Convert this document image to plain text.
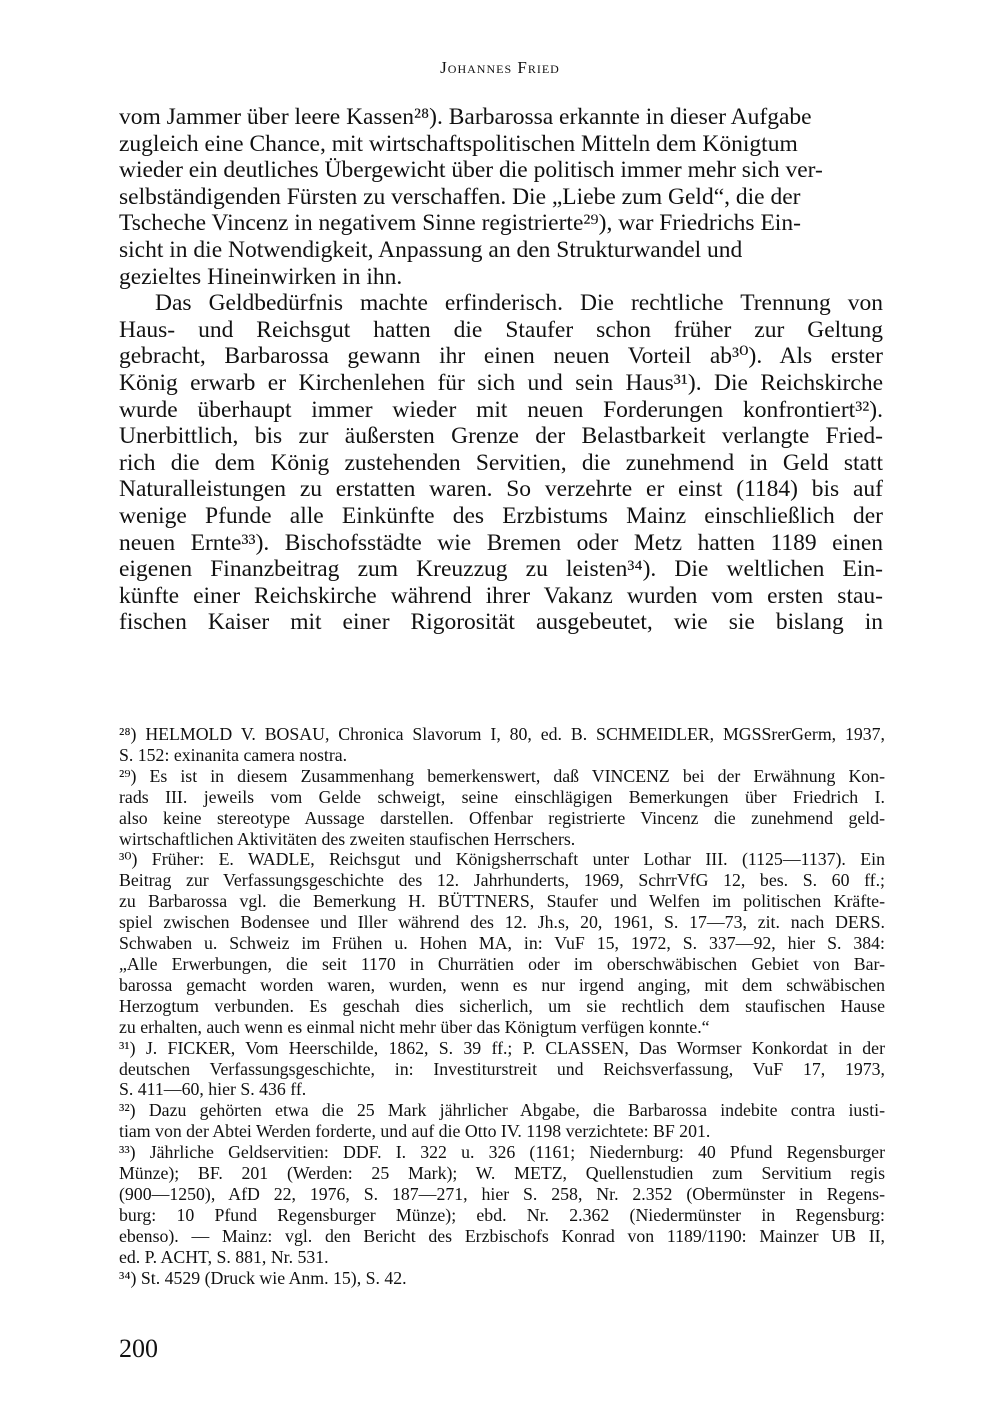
Johannes Fried

vom Jammer über leere Kassen²⁸). Barbarossa erkannte in dieser Aufgabe
zugleich eine Chance, mit wirtschaftspolitischen Mitteln dem Königtum
wieder ein deutliches Übergewicht über die politisch immer mehr sich ver-
selbständigenden Fürsten zu verschaffen. Die „Liebe zum Geld“, die der
Tscheche Vincenz in negativem Sinne registrierte²⁹), war Friedrichs Ein-
sicht in die Notwendigkeit, Anpassung an den Strukturwandel und
gezieltes Hineinwirken in ihn.

Das Geldbedürfnis machte erfinderisch. Die rechtliche Trennung von
Haus- und Reichsgut hatten die Staufer schon früher zur Geltung
gebracht, Barbarossa gewann ihr einen neuen Vorteil ab³⁰). Als erster
König erwarb er Kirchenlehen für sich und sein Haus³¹). Die Reichskirche
wurde überhaupt immer wieder mit neuen Forderungen konfrontiert³²).
Unerbittlich, bis zur äußersten Grenze der Belastbarkeit verlangte Fried-
rich die dem König zustehenden Servitien, die zunehmend in Geld statt
Naturalleistungen zu erstatten waren. So verzehrte er einst (1184) bis auf
wenige Pfunde alle Einkünfte des Erzbistums Mainz einschließlich der
neuen Ernte³³). Bischofsstädte wie Bremen oder Metz hatten 1189 einen
eigenen Finanzbeitrag zum Kreuzzug zu leisten³⁴). Die weltlichen Ein-
künfte einer Reichskirche während ihrer Vakanz wurden vom ersten stau-
fischen Kaiser mit einer Rigorosität ausgebeutet, wie sie bislang in

²⁸) HELMOLD V. BOSAU, Chronica Slavorum I, 80, ed. B. SCHMEIDLER, MGSSrerGerm, 1937,
S. 152: exinanita camera nostra.
²⁹) Es ist in diesem Zusammenhang bemerkenswert, daß VINCENZ bei der Erwähnung Kon-
rads III. jeweils vom Gelde schweigt, seine einschlägigen Bemerkungen über Friedrich I.
also keine stereotype Aussage darstellen. Offenbar registrierte Vincenz die zunehmend geld-
wirtschaftlichen Aktivitäten des zweiten staufischen Herrschers.
³⁰) Früher: E. WADLE, Reichsgut und Königsherrschaft unter Lothar III. (1125—1137). Ein
Beitrag zur Verfassungsgeschichte des 12. Jahrhunderts, 1969, SchrrVfG 12, bes. S. 60 ff.;
zu Barbarossa vgl. die Bemerkung H. BÜTTNERS, Staufer und Welfen im politischen Kräfte-
spiel zwischen Bodensee und Iller während des 12. Jh.s, 20, 1961, S. 17—73, zit. nach DERS.
Schwaben u. Schweiz im Frühen u. Hohen MA, in: VuF 15, 1972, S. 337—92, hier S. 384:
„Alle Erwerbungen, die seit 1170 in Churrätien oder im oberschwäbischen Gebiet von Bar-
barossa gemacht worden waren, wurden, wenn es nur irgend anging, mit dem schwäbischen
Herzogtum verbunden. Es geschah dies sicherlich, um sie rechtlich dem staufischen Hause
zu erhalten, auch wenn es einmal nicht mehr über das Königtum verfügen konnte.“
³¹) J. FICKER, Vom Heerschilde, 1862, S. 39 ff.; P. CLASSEN, Das Wormser Konkordat in der
deutschen Verfassungsgeschichte, in: Investiturstreit und Reichsverfassung, VuF 17, 1973,
S. 411—60, hier S. 436 ff.
³²) Dazu gehörten etwa die 25 Mark jährlicher Abgabe, die Barbarossa indebite contra iusti-
tiam von der Abtei Werden forderte, und auf die Otto IV. 1198 verzichtete: BF 201.
³³) Jährliche Geldservitien: DDF. I. 322 u. 326 (1161; Niedernburg: 40 Pfund Regensburger
Münze); BF. 201 (Werden: 25 Mark); W. METZ, Quellenstudien zum Servitium regis
(900—1250), AfD 22, 1976, S. 187—271, hier S. 258, Nr. 2.352 (Obermünster in Regens-
burg: 10 Pfund Regensburger Münze); ebd. Nr. 2.362 (Niedermünster in Regensburg:
ebenso). — Mainz: vgl. den Bericht des Erzbischofs Konrad von 1189/1190: Mainzer UB II,
ed. P. ACHT, S. 881, Nr. 531.
³⁴) St. 4529 (Druck wie Anm. 15), S. 42.
200
